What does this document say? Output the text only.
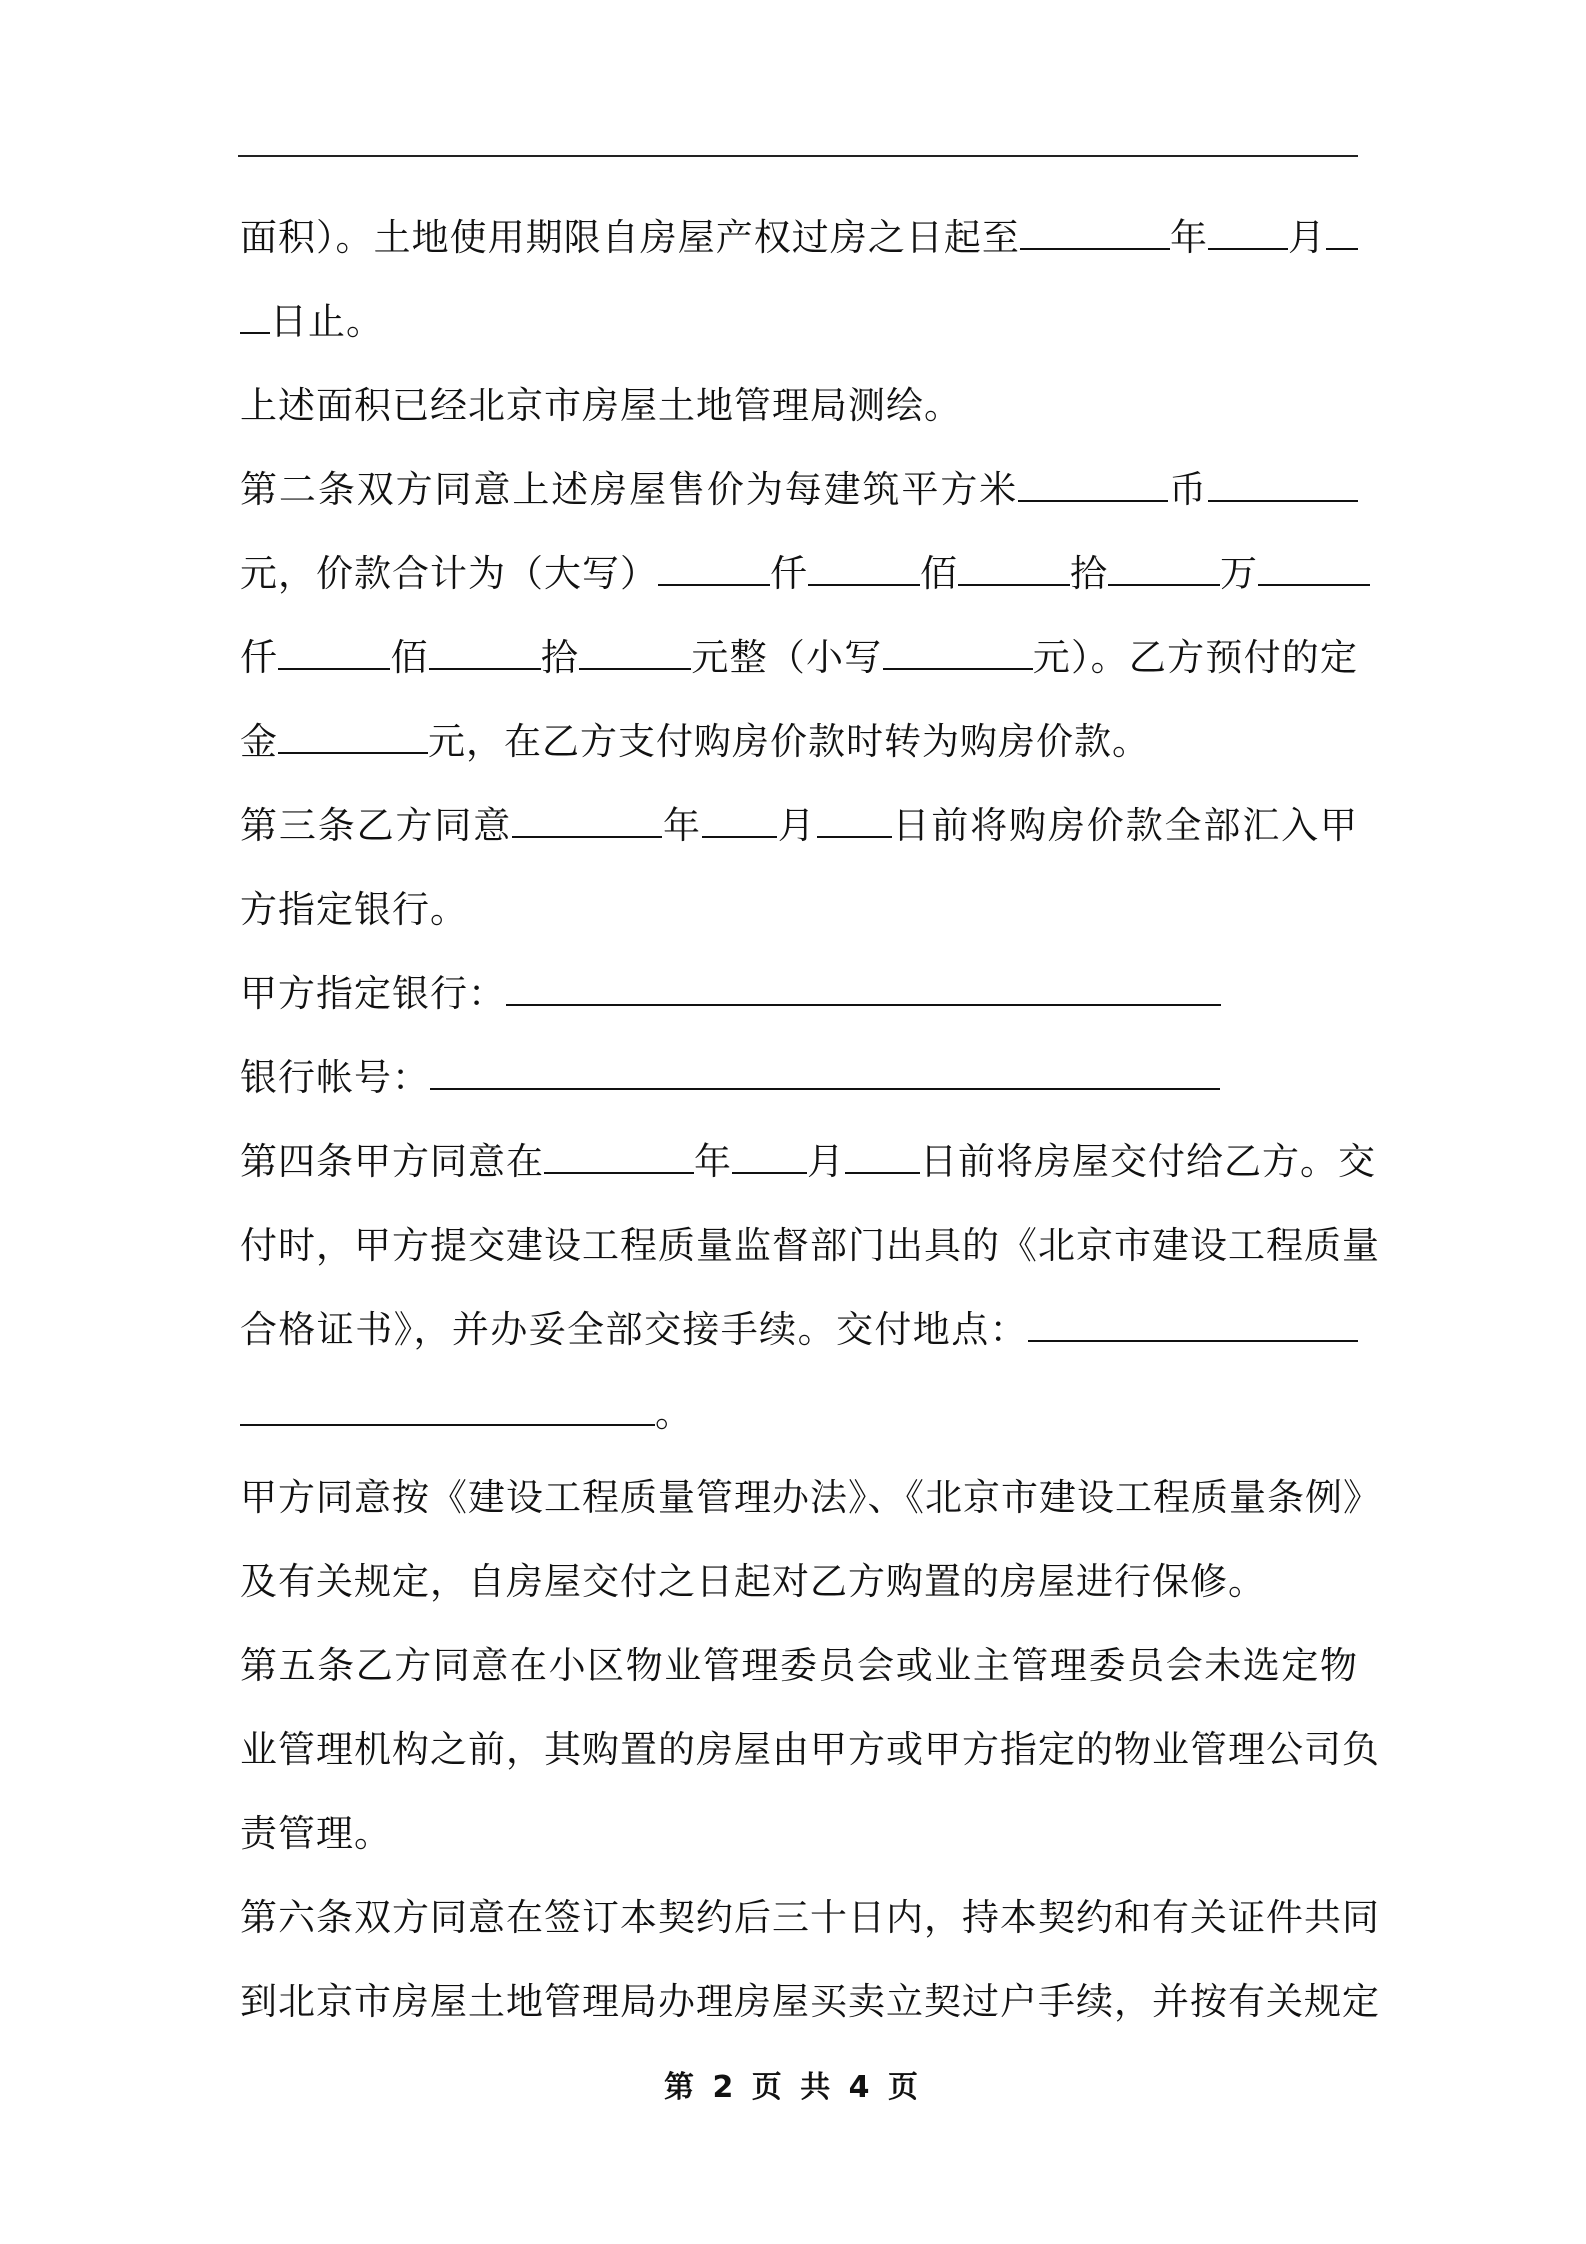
面积）。土地使用期限自房屋产权过房之日起至	年 月
日止。
上述面积已经北京市房屋土地管理局测绘。
第二条双方同意上述房屋售价为每建筑平方米	币
元，价款合计为（大写）	仟	佰	拾	万
仟	佰	拾	元整（小写	元）。乙方预付的定
金	元，在乙方支付购房价款时转为购房价款。
第三条乙方同意	年 月 日前将购房价款全部汇入甲
方指定银行。
甲方指定银行：
银行帐号：
第四条甲方同意在	年 月 日前将房屋交付给乙方。交
付时，甲方提交建设工程质量监督部门出具的《北京市建设工程质量
合格证书》，并办妥全部交接手续。交付地点：
。
甲方同意按《建设工程质量管理办法》、《北京市建设工程质量条例》
及有关规定，自房屋交付之日起对乙方购置的房屋进行保修。
第五条乙方同意在小区物业管理委员会或业主管理委员会未选定物
业管理机构之前，其购置的房屋由甲方或甲方指定的物业管理公司负
责管理。
第六条双方同意在签订本契约后三十日内，持本契约和有关证件共同
到北京市房屋土地管理局办理房屋买卖立契过户手续，并按有关规定
第 2 页 共 4 页
